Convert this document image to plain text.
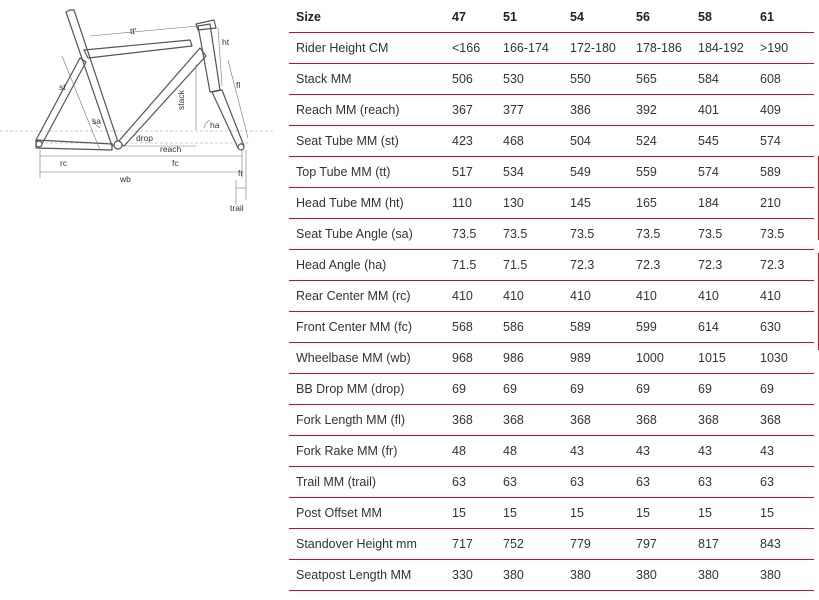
tt'
ht
st
stack
fl
sa	ha
drop
reach
rc	fc
wb
fr
trail
Size	47	51	54	56	58	61
Rider Height CM	<166	166-174	172-180	178-186	184-192	>190
Stack MM	506	530	550	565	584	608
Reach MM (reach)	367	377	386	392	401	409
Seat Tube MM (st)	423	468	504	524	545	574
Top Tube MM (tt)	517	534	549	559	574	589
Head Tube MM (ht)	110	130	145	165	184	210
Seat Tube Angle (sa)	73.5	73.5	73.5	73.5	73.5	73.5
Head Angle (ha)	71.5	71.5	72.3	72.3	72.3	72.3
Rear Center MM (rc)	410	410	410	410	410	410
Front Center MM (fc)	568	586	589	599	614	630
Wheelbase MM (wb)	968	986	989	1000	1015	1030
BB Drop MM (drop)	69	69	69	69	69	69
Fork Length MM (fl)	368	368	368	368	368	368
Fork Rake MM (fr)	48	48	43	43	43	43
Trail MM (trail)	63	63	63	63	63	63
Post Offset MM	15	15	15	15	15	15
Standover Height mm	717	752	779	797	817	843
Seatpost Length MM	330	380	380	380	380	380
